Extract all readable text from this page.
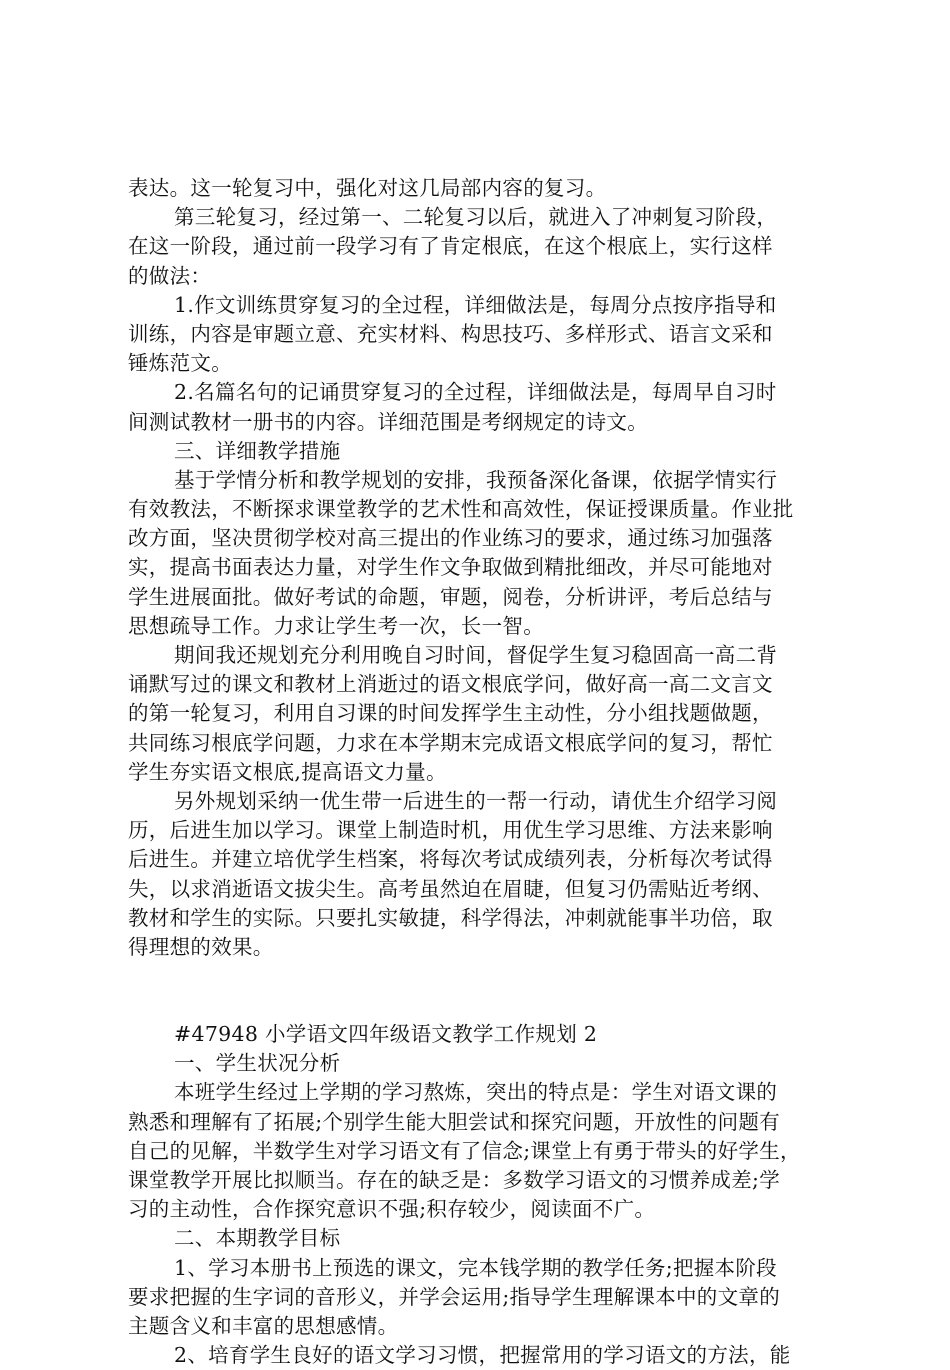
表达。这一轮复习中，强化对这几局部内容的复习。
第三轮复习，经过第一、二轮复习以后，就进入了冲刺复习阶段，
在这一阶段，通过前一段学习有了肯定根底，在这个根底上，实行这样
的做法：
1.作文训练贯穿复习的全过程，详细做法是，每周分点按序指导和
训练，内容是审题立意、充实材料、构思技巧、多样形式、语言文采和
锤炼范文。
2.名篇名句的记诵贯穿复习的全过程，详细做法是，每周早自习时
间测试教材一册书的内容。详细范围是考纲规定的诗文。
三、详细教学措施
基于学情分析和教学规划的安排，我预备深化备课，依据学情实行
有效教法，不断探求课堂教学的艺术性和高效性，保证授课质量。作业批
改方面，坚决贯彻学校对高三提出的作业练习的要求，通过练习加强落
实，提高书面表达力量，对学生作文争取做到精批细改，并尽可能地对
学生进展面批。做好考试的命题，审题，阅卷，分析讲评，考后总结与
思想疏导工作。力求让学生考一次，长一智。
期间我还规划充分利用晚自习时间，督促学生复习稳固高一高二背
诵默写过的课文和教材上消逝过的语文根底学问，做好高一高二文言文
的第一轮复习，利用自习课的时间发挥学生主动性，分小组找题做题，
共同练习根底学问题，力求在本学期末完成语文根底学问的复习，帮忙
学生夯实语文根底,提高语文力量。
另外规划采纳一优生带一后进生的一帮一行动，请优生介绍学习阅
历，后进生加以学习。课堂上制造时机，用优生学习思维、方法来影响
后进生。并建立培优学生档案，将每次考试成绩列表，分析每次考试得
失，以求消逝语文拔尖生。高考虽然迫在眉睫，但复习仍需贴近考纲、
教材和学生的实际。只要扎实敏捷，科学得法，冲刺就能事半功倍，取
得理想的效果。
#47948 小学语文四年级语文教学工作规划 2
一、学生状况分析
本班学生经过上学期的学习熬炼，突出的特点是：学生对语文课的
熟悉和理解有了拓展;个别学生能大胆尝试和探究问题，开放性的问题有
自己的见解，半数学生对学习语文有了信念;课堂上有勇于带头的好学生，
课堂教学开展比拟顺当。存在的缺乏是：多数学习语文的习惯养成差;学
习的主动性，合作探究意识不强;积存较少，阅读面不广。
二、本期教学目标
1、学习本册书上预选的课文，完本钱学期的教学任务;把握本阶段
要求把握的生字词的音形义，并学会运用;指导学生理解课本中的文章的
主题含义和丰富的思想感情。
2、培育学生良好的语文学习习惯，把握常用的学习语文的方法，能
